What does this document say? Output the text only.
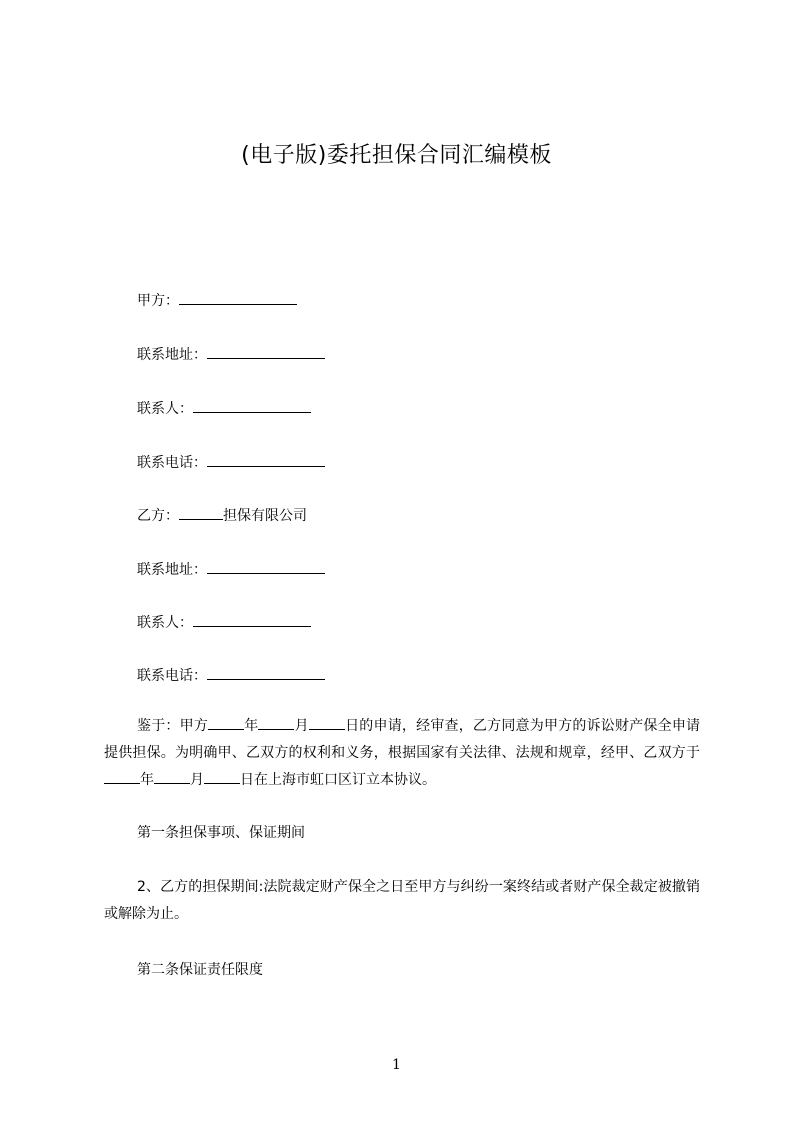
(电子版)委托担保合同汇编模板
甲方：
联系地址：
联系人：
联系电话：
乙方：	担保有限公司
联系地址：
联系人：
联系电话：

鉴于：甲方	年	月	日的申请，经审查，乙方同意为甲方的诉讼财产保全申请提供担保。为明确甲、乙双方的权利和义务，根据国家有关法律、法规和规章，经甲、乙双方于年	月	日在上海市虹口区订立本协议。

第一条担保事项、保证期间

2、乙方的担保期间:法院裁定财产保全之日至甲方与纠纷一案终结或者财产保全裁定被撤销或解除为止。

第二条保证责任限度
1
